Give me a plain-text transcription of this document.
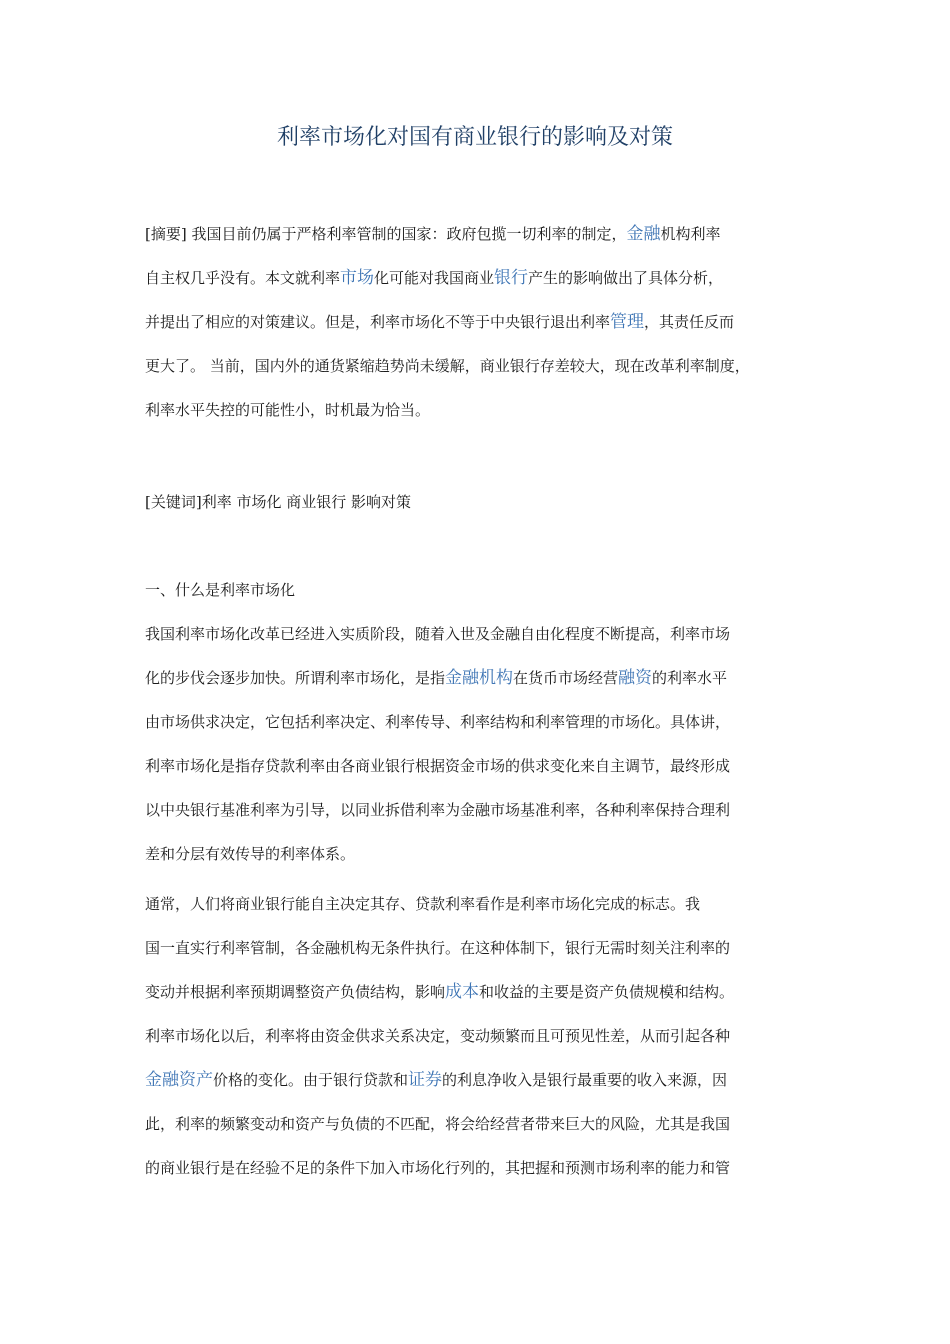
利率市场化对国有商业银行的影响及对策

[摘要] 我国目前仍属于严格利率管制的国家：政府包揽一切利率的制定，金融机构利率

自主权几乎没有。本文就利率市场化可能对我国商业银行产生的影响做出了具体分析，

并提出了相应的对策建议。但是，利率市场化不等于中央银行退出利率管理，其责任反而

更大了。 当前，国内外的通货紧缩趋势尚未缓解，商业银行存差较大，现在改革利率制度，

利率水平失控的可能性小，时机最为恰当。

[关键词]利率 市场化 商业银行 影响对策

一、什么是利率市场化

我国利率市场化改革已经进入实质阶段，随着入世及金融自由化程度不断提高，利率市场

化的步伐会逐步加快。所谓利率市场化，是指金融机构在货币市场经营融资的利率水平

由市场供求决定，它包括利率决定、利率传导、利率结构和利率管理的市场化。具体讲，

利率市场化是指存贷款利率由各商业银行根据资金市场的供求变化来自主调节，最终形成

以中央银行基准利率为引导，以同业拆借利率为金融市场基准利率，各种利率保持合理利

差和分层有效传导的利率体系。

通常，人们将商业银行能自主决定其存、贷款利率看作是利率市场化完成的标志。我

国一直实行利率管制，各金融机构无条件执行。在这种体制下，银行无需时刻关注利率的

变动并根据利率预期调整资产负债结构，影响成本和收益的主要是资产负债规模和结构。

利率市场化以后，利率将由资金供求关系决定，变动频繁而且可预见性差，从而引起各种

金融资产价格的变化。由于银行贷款和证券的利息净收入是银行最重要的收入来源，因

此，利率的频繁变动和资产与负债的不匹配，将会给经营者带来巨大的风险，尤其是我国

的商业银行是在经验不足的条件下加入市场化行列的，其把握和预测市场利率的能力和管
